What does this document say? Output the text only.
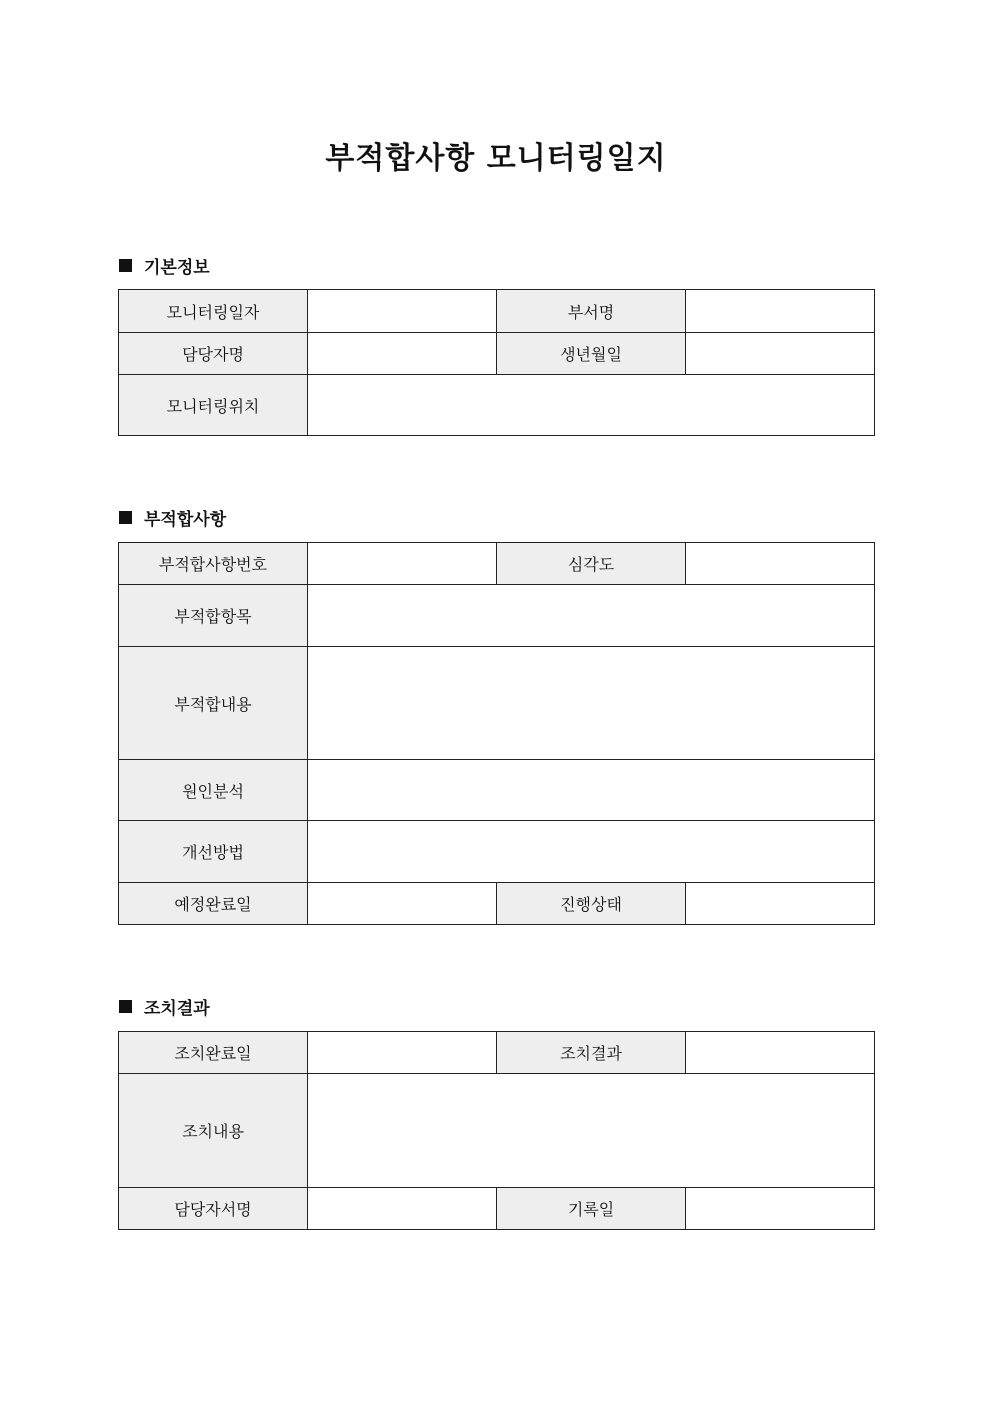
부적합사항 모니터링일지
기본정보
모니터링일자		부서명	
담당자명		생년월일	
모니터링위치			
부적합사항
부적합사항번호		심각도	
부적합항목			
부적합내용			
원인분석			
개선방법			
예정완료일		진행상태	
조치결과
조치완료일		조치결과	
조치내용			
담당자서명		기록일	
